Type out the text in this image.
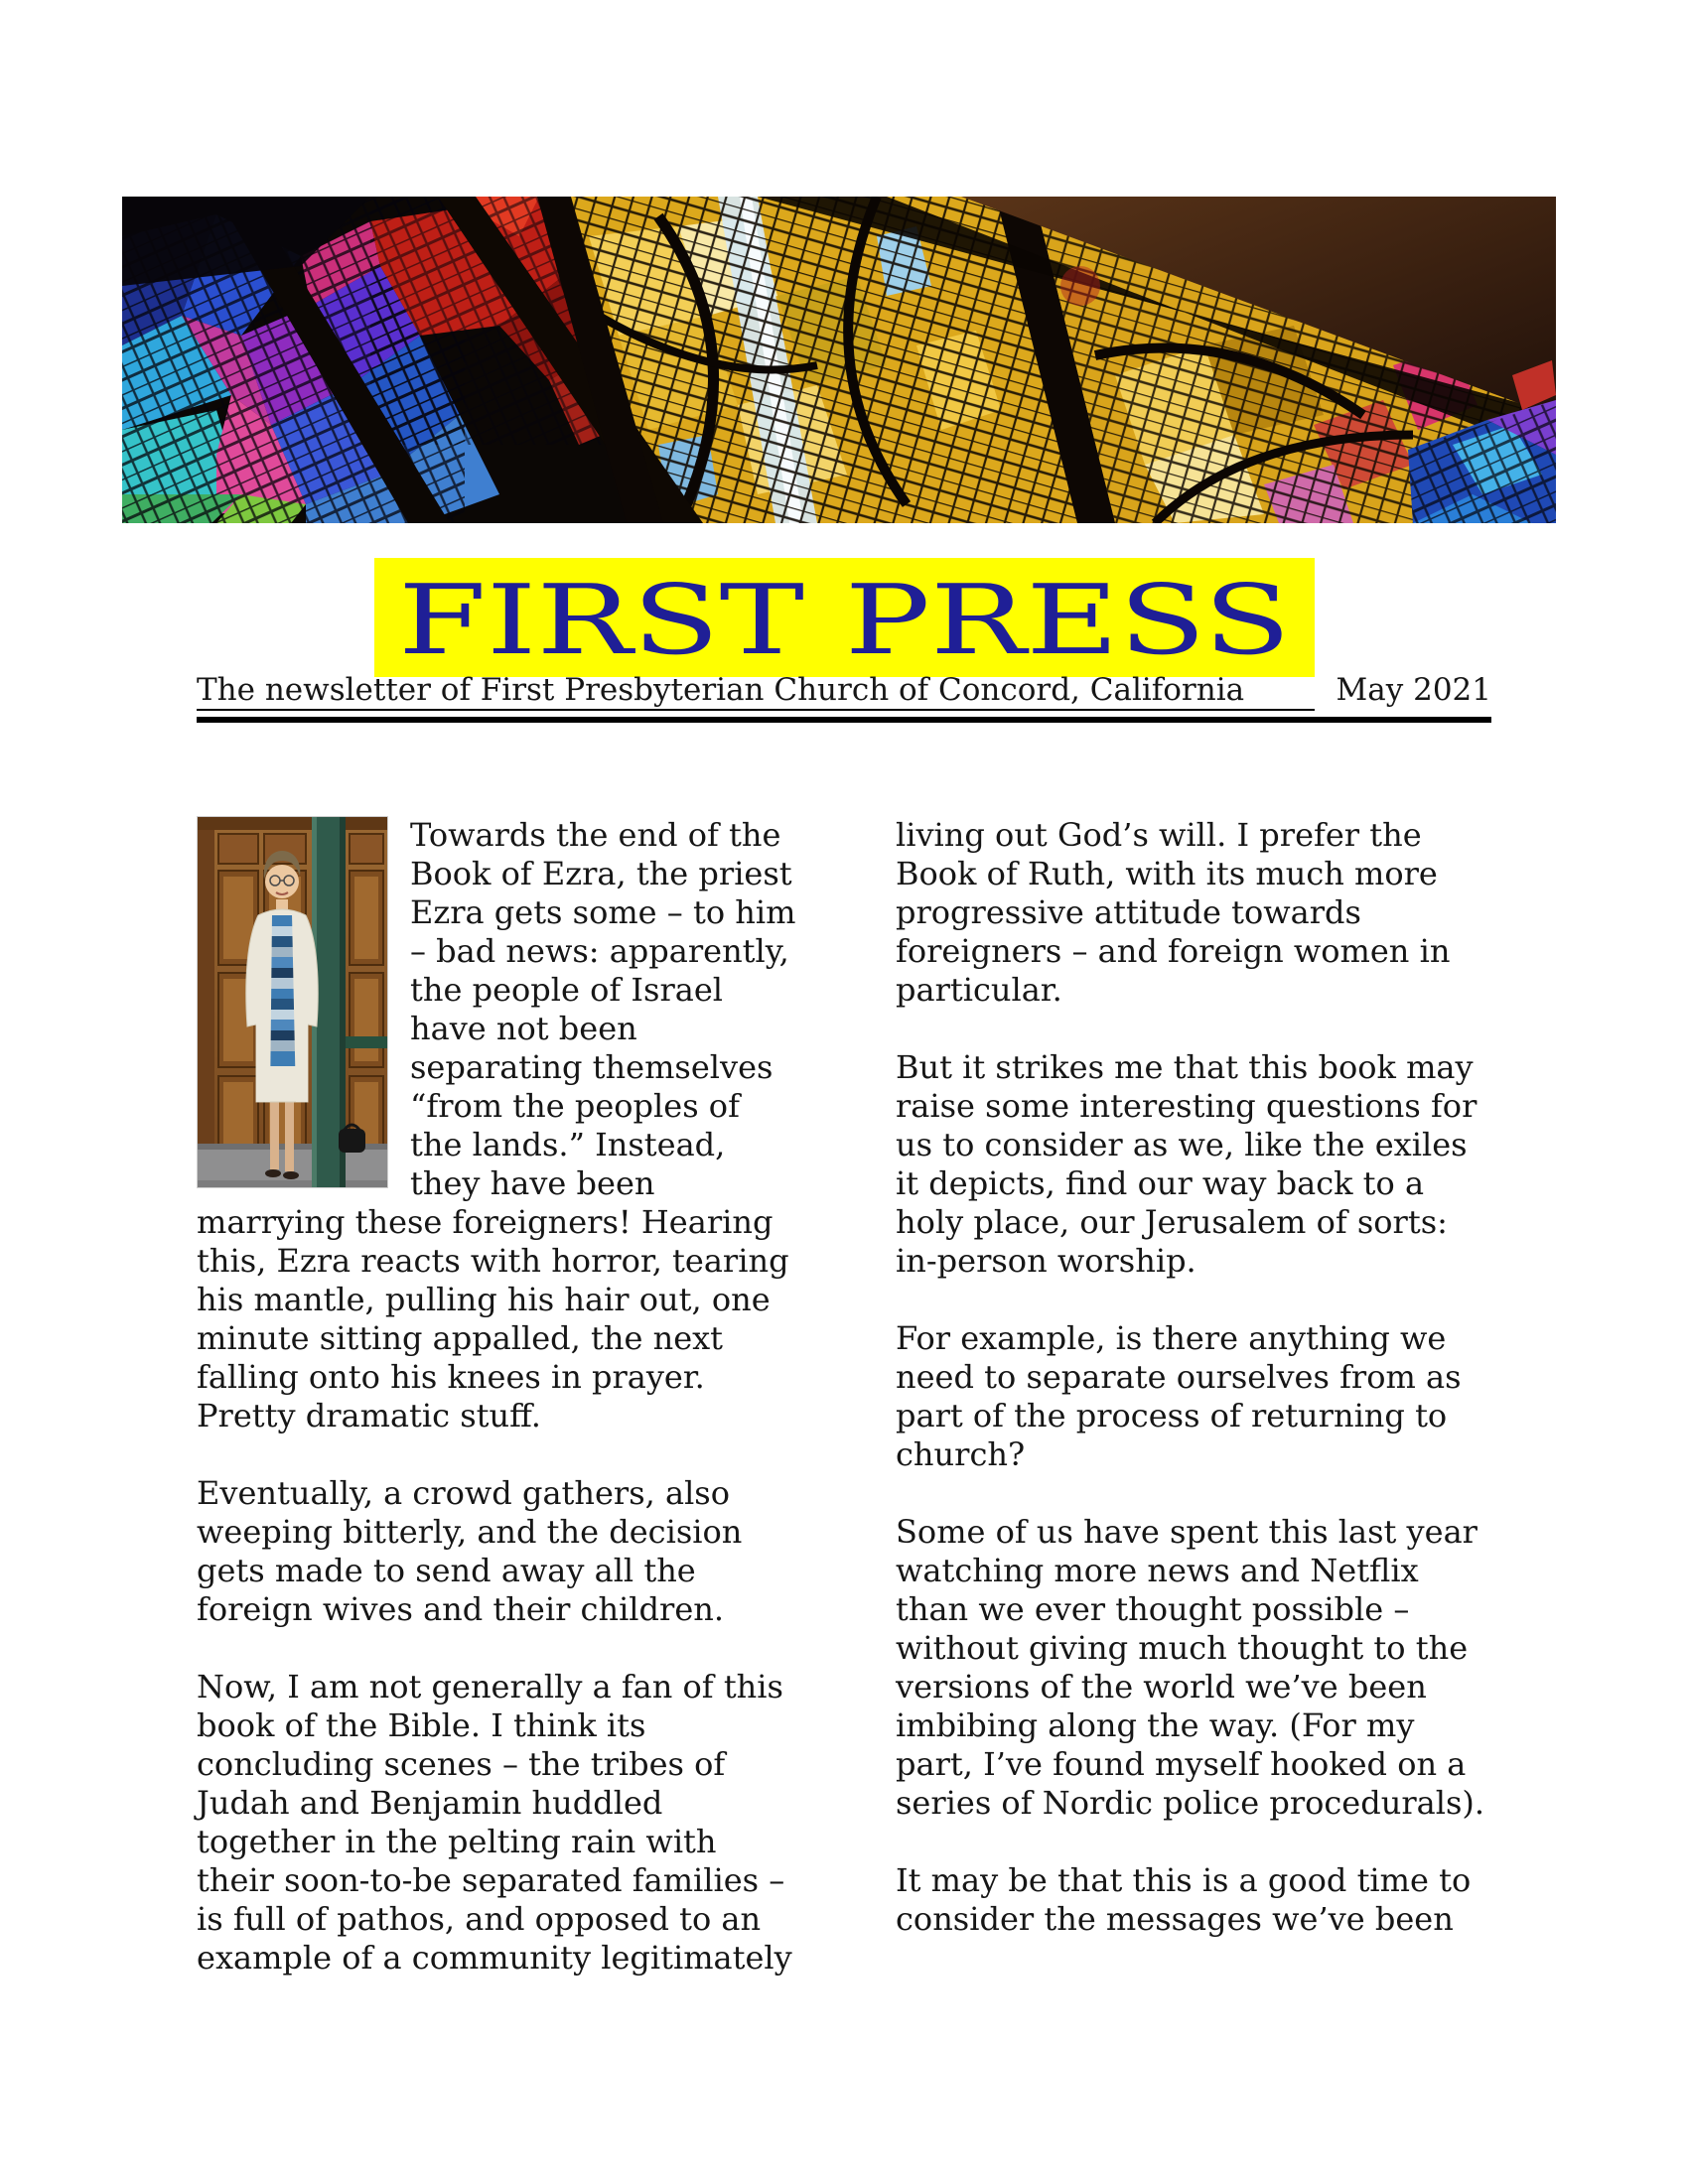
FIRST PRESS
The newsletter of First Presbyterian Church of Concord, California	May 2021

Towards the end of the Book of Ezra, the priest Ezra gets some – to him – bad news: apparently, the people of Israel have not been separating themselves “from the peoples of the lands.” Instead, they have been marrying these foreigners! Hearing this, Ezra reacts with horror, tearing his mantle, pulling his hair out, one minute sitting appalled, the next falling onto his knees in prayer. Pretty dramatic stuff.

Eventually, a crowd gathers, also weeping bitterly, and the decision gets made to send away all the foreign wives and their children.

Now, I am not generally a fan of this book of the Bible. I think its concluding scenes – the tribes of Judah and Benjamin huddled together in the pelting rain with their soon-to-be separated families – is full of pathos, and opposed to an example of a community legitimately

living out God’s will. I prefer the Book of Ruth, with its much more progressive attitude towards foreigners – and foreign women in particular.

But it strikes me that this book may raise some interesting questions for us to consider as we, like the exiles it depicts, find our way back to a holy place, our Jerusalem of sorts: in-person worship.

For example, is there anything we need to separate ourselves from as part of the process of returning to church?

Some of us have spent this last year watching more news and Netflix than we ever thought possible – without giving much thought to the versions of the world we’ve been imbibing along the way. (For my part, I’ve found myself hooked on a series of Nordic police procedurals).

It may be that this is a good time to consider the messages we’ve been
